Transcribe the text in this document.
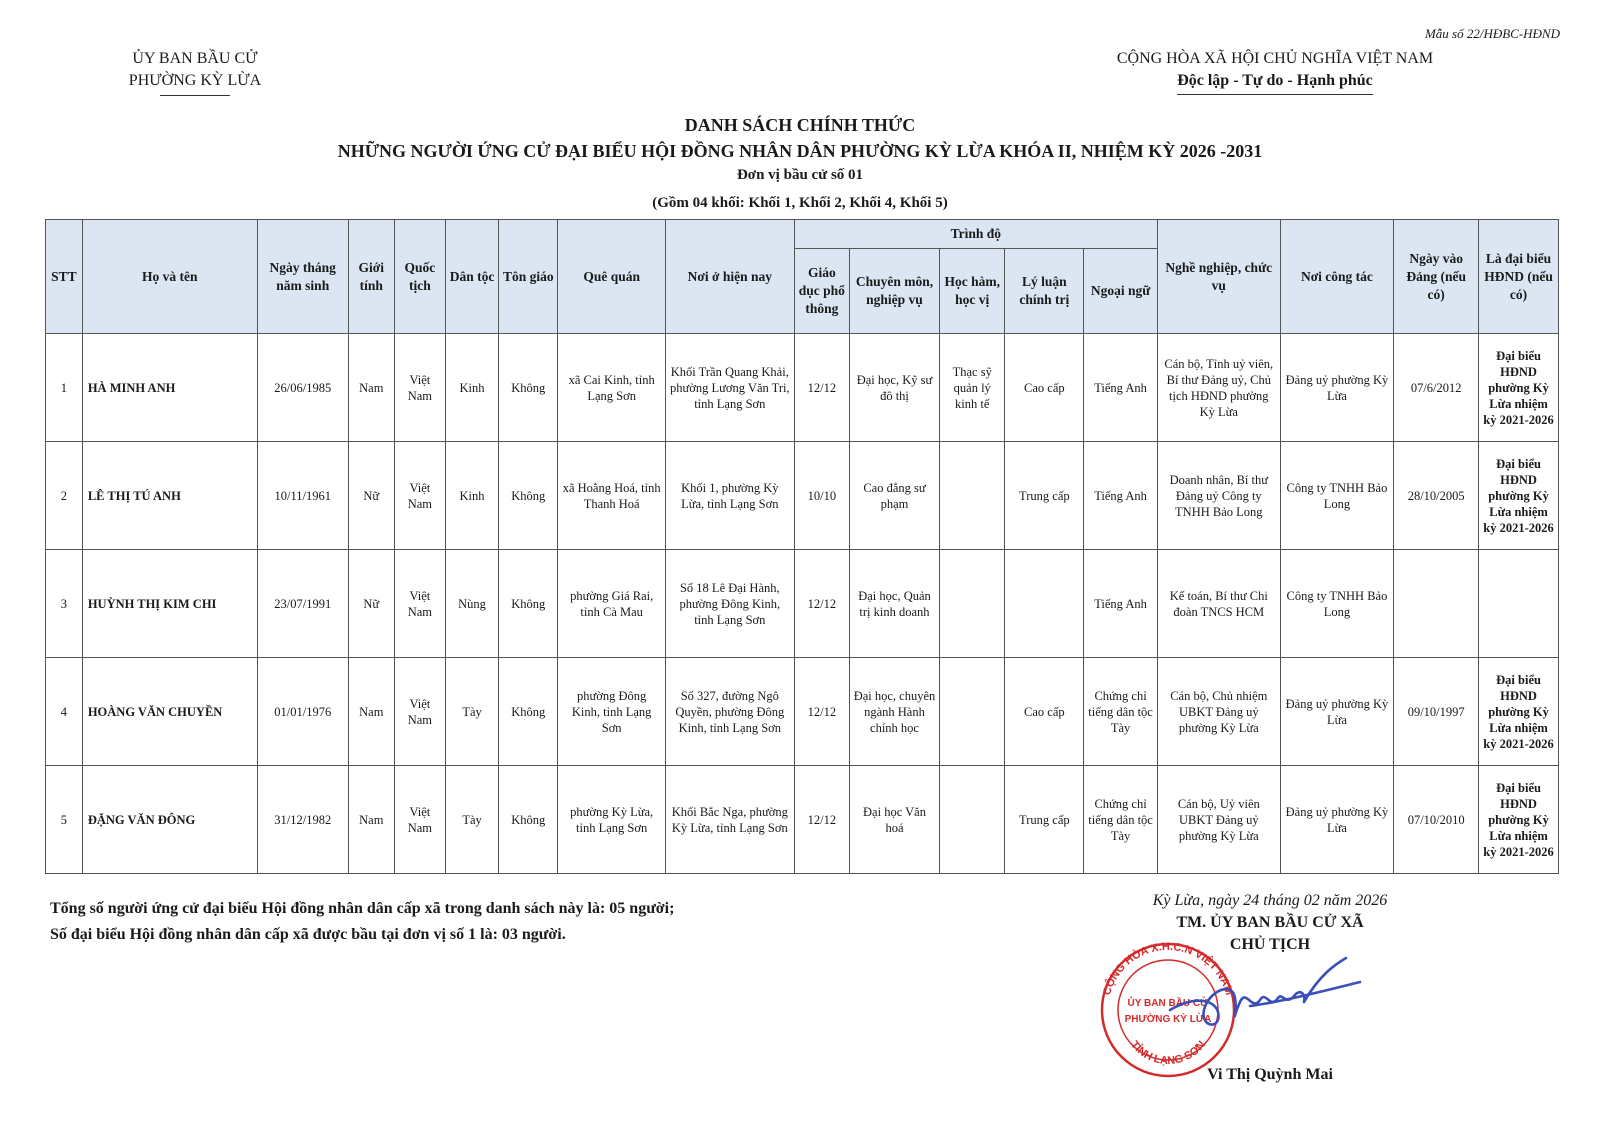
Mẫu số 22/HĐBC-HĐND
ỦY BAN BẦU CỬ
PHƯỜNG KỲ LỪA
CỘNG HÒA XÃ HỘI CHỦ NGHĨA VIỆT NAM
Độc lập - Tự do - Hạnh phúc
DANH SÁCH CHÍNH THỨC
NHỮNG NGƯỜI ỨNG CỬ ĐẠI BIỂU HỘI ĐỒNG NHÂN DÂN PHƯỜNG KỲ LỪA KHÓA II, NHIỆM KỲ 2026 -2031
Đơn vị bầu cử số 01
(Gồm 04 khối: Khối 1, Khối 2, Khối 4, Khối 5)
STT	Họ và tên	Ngày tháng năm sinh	Giới tính	Quốc tịch	Dân tộc	Tôn giáo	Quê quán	Nơi ở hiện nay	Trình độ					Nghề nghiệp, chức vụ	Nơi công tác	Ngày vào Đảng (nếu có)	Là đại biểu HĐND (nếu có)
									Giáo dục phổ thông	Chuyên môn, nghiệp vụ	Học hàm, học vị	Lý luận chính trị	Ngoại ngữ				
1	HÀ MINH ANH	26/06/1985	Nam	Việt Nam	Kinh	Không	xã Cai Kinh, tỉnh Lạng Sơn	Khối Trần Quang Khải, phường Lương Văn Tri, tỉnh Lạng Sơn	12/12	Đại học, Kỹ sư đô thị	Thạc sỹ quản lý kinh tế	Cao cấp	Tiếng Anh	Cán bộ, Tỉnh uỷ viên, Bí thư Đảng uỷ, Chủ tịch HĐND phường Kỳ Lừa	Đảng uỷ phường Kỳ Lừa	07/6/2012	Đại biểu HĐND phường Kỳ Lừa nhiệm kỳ 2021-2026
2	LÊ THỊ TÚ ANH	10/11/1961	Nữ	Việt Nam	Kinh	Không	xã Hoằng Hoá, tỉnh Thanh Hoá	Khối 1, phường Kỳ Lừa, tỉnh Lạng Sơn	10/10	Cao đẳng sư phạm		Trung cấp	Tiếng Anh	Doanh nhân, Bí thư Đảng uỷ Công ty TNHH Bảo Long	Công ty TNHH Bảo Long	28/10/2005	Đại biểu HĐND phường Kỳ Lừa nhiệm kỳ 2021-2026
3	HUỲNH THỊ KIM CHI	23/07/1991	Nữ	Việt Nam	Nùng	Không	phường Giá Rai, tỉnh Cà Mau	Số 18 Lê Đại Hành, phường Đông Kinh, tỉnh Lạng Sơn	12/12	Đại học, Quản trị kinh doanh			Tiếng Anh	Kế toán, Bí thư Chi đoàn TNCS HCM	Công ty TNHH Bảo Long		
4	HOÀNG VĂN CHUYỀN	01/01/1976	Nam	Việt Nam	Tày	Không	phường Đông Kinh, tỉnh Lạng Sơn	Số 327, đường Ngô Quyền, phường Đông Kinh, tỉnh Lạng Sơn	12/12	Đại học, chuyên ngành Hành chính học		Cao cấp	Chứng chỉ tiếng dân tộc Tày	Cán bộ, Chủ nhiệm UBKT Đảng uỷ phường Kỳ Lừa	Đảng uỷ phường Kỳ Lừa	09/10/1997	Đại biểu HĐND phường Kỳ Lừa nhiệm kỳ 2021-2026
5	ĐẶNG VĂN ĐÔNG	31/12/1982	Nam	Việt Nam	Tày	Không	phường Kỳ Lừa, tỉnh Lạng Sơn	Khối Bắc Nga, phường Kỳ Lừa, tỉnh Lạng Sơn	12/12	Đại học Văn hoá		Trung cấp	Chứng chỉ tiếng dân tộc Tày	Cán bộ, Uỷ viên UBKT Đảng uỷ phường Kỳ Lừa	Đảng uỷ phường Kỳ Lừa	07/10/2010	Đại biểu HĐND phường Kỳ Lừa nhiệm kỳ 2021-2026
Tổng số người ứng cử đại biểu Hội đồng nhân dân cấp xã trong danh sách này là: 05 người;
Số đại biểu Hội đồng nhân dân cấp xã được bầu tại đơn vị số 1 là: 03 người.
Kỳ Lừa, ngày 24 tháng 02 năm 2026
TM. ỦY BAN BẦU CỬ XÃ
CHỦ TỊCH
CỘNG HÒA X.H.C.N VIỆT NAM
TỈNH LẠNG SƠN
ỦY BAN BẦU CỬ
PHƯỜNG KỲ LỪA
Vi Thị Quỳnh Mai
